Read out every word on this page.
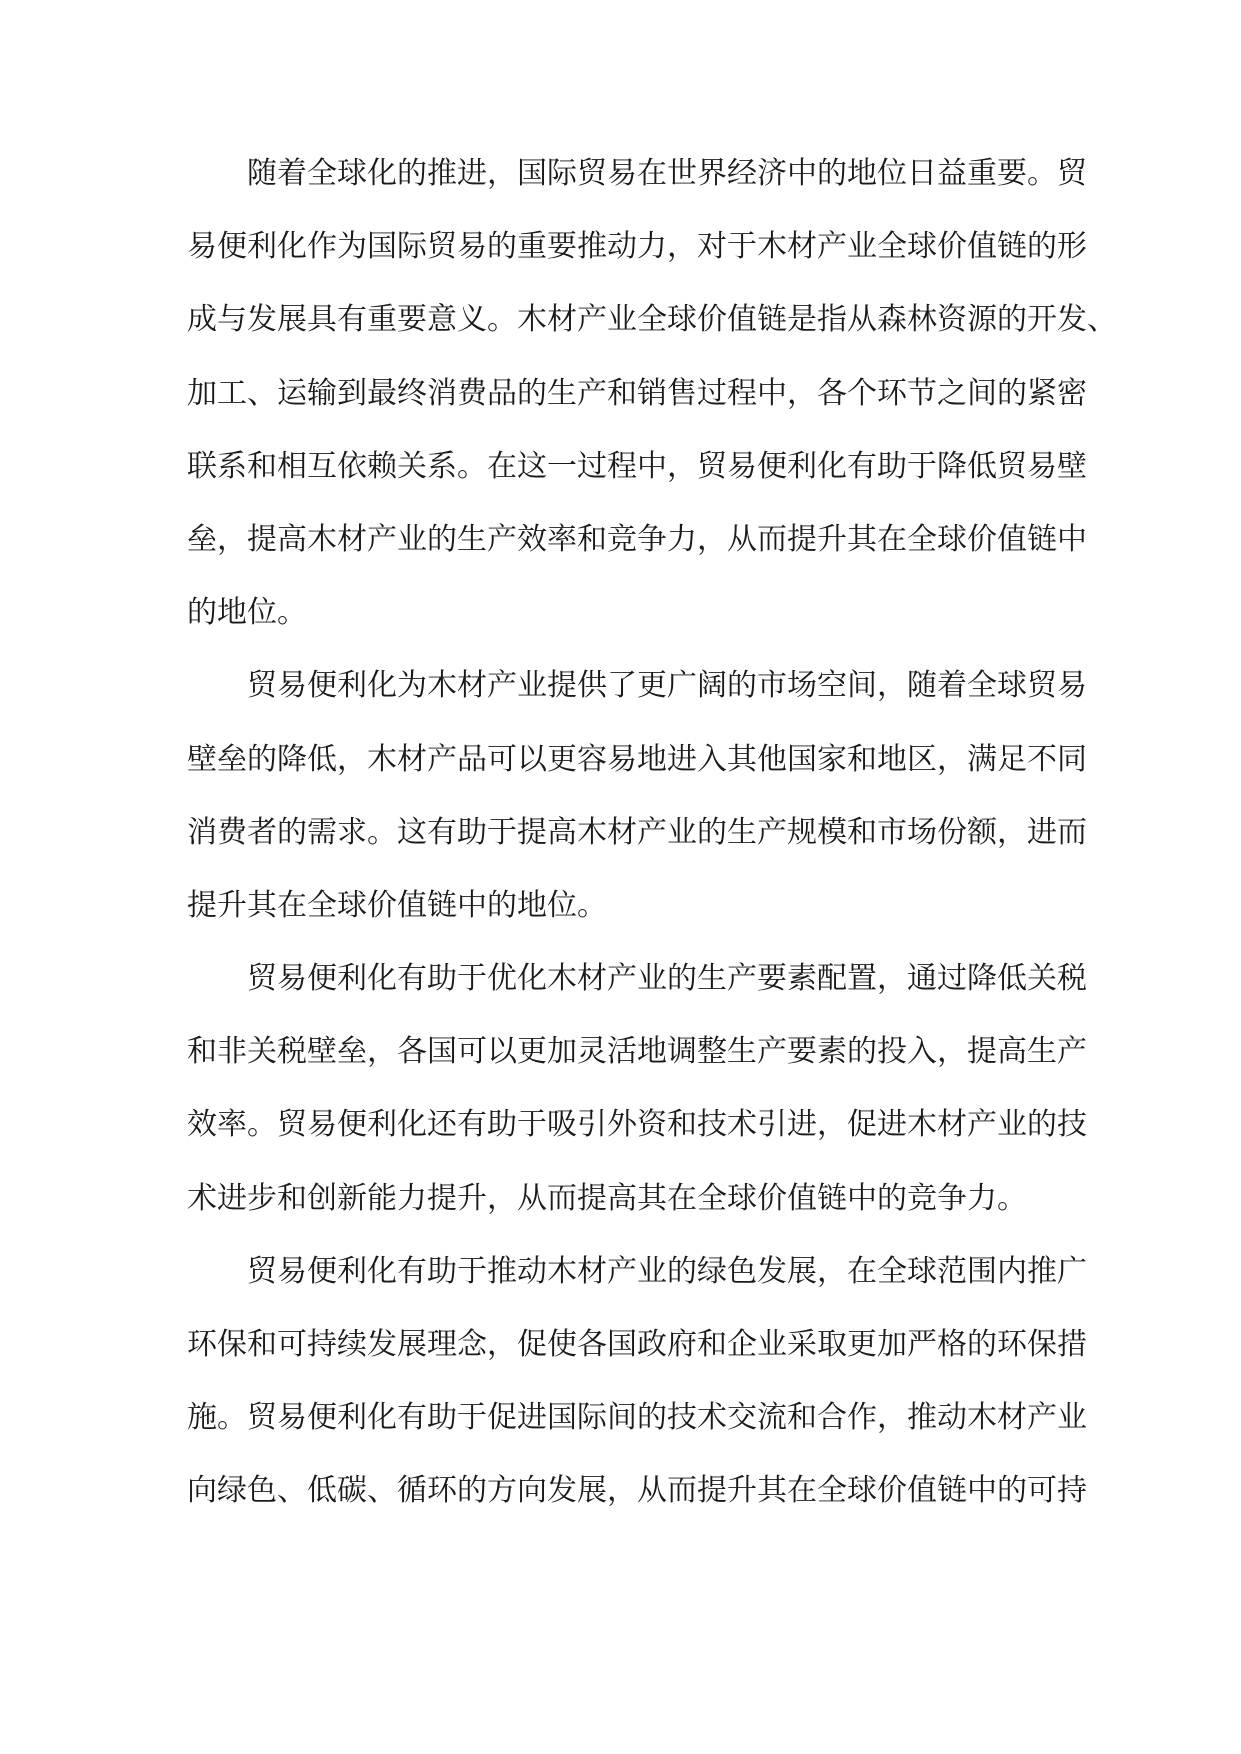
随着全球化的推进，国际贸易在世界经济中的地位日益重要。贸
易便利化作为国际贸易的重要推动力，对于木材产业全球价值链的形
成与发展具有重要意义。木材产业全球价值链是指从森林资源的开发、
加工、运输到最终消费品的生产和销售过程中，各个环节之间的紧密
联系和相互依赖关系。在这一过程中，贸易便利化有助于降低贸易壁
垒，提高木材产业的生产效率和竞争力，从而提升其在全球价值链中
的地位。
贸易便利化为木材产业提供了更广阔的市场空间，随着全球贸易
壁垒的降低，木材产品可以更容易地进入其他国家和地区，满足不同
消费者的需求。这有助于提高木材产业的生产规模和市场份额，进而
提升其在全球价值链中的地位。
贸易便利化有助于优化木材产业的生产要素配置，通过降低关税
和非关税壁垒，各国可以更加灵活地调整生产要素的投入，提高生产
效率。贸易便利化还有助于吸引外资和技术引进，促进木材产业的技
术进步和创新能力提升，从而提高其在全球价值链中的竞争力。
贸易便利化有助于推动木材产业的绿色发展，在全球范围内推广
环保和可持续发展理念，促使各国政府和企业采取更加严格的环保措
施。贸易便利化有助于促进国际间的技术交流和合作，推动木材产业
向绿色、低碳、循环的方向发展，从而提升其在全球价值链中的可持
